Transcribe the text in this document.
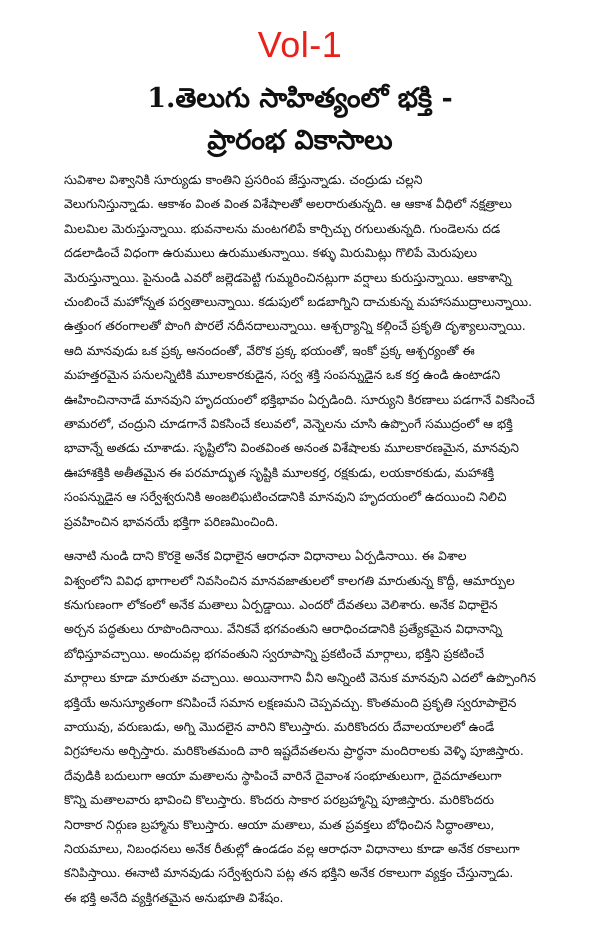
Vol-1
1.తెలుగు సాహిత్యంలో భక్తి -
ప్రారంభ వికాసాలు

సువిశాల విశ్వానికి సూర్యుడు కాంతిని ప్రసరింప జేస్తున్నాడు. చంద్రుడు చల్లని
వెలుగునిస్తున్నాడు. ఆకాశం వింత వింత విశేషాలతో అలరారుతున్నది. ఆ ఆకాశ వీధిలో నక్షత్రాలు
మిలమిల మెరుస్తున్నాయి. భువనాలను మంటగలిపే కార్చిచ్చు రగులుతున్నది. గుండెలను దడ
దడలాడించే విధంగా ఉరుములు ఉరుముతున్నాయి. కళ్ళు మిరుమిట్లు గొలిపే మెరుపులు
మెరుస్తున్నాయి. పైనుండి ఎవరో జల్లెడపెట్టి గుమ్మరించినట్లుగా వర్షాలు కురుస్తున్నాయి. ఆకాశాన్ని
చుంబించే మహోన్నత పర్వతాలున్నాయి. కడుపులో బడబాగ్నిని దాచుకున్న మహాసముద్రాలున్నాయి.
ఉత్తుంగ తరంగాలతో పొంగి పొరలే నదీనదాలున్నాయి. ఆశ్చర్యాన్ని కల్గించే ప్రకృతి దృశ్యాలున్నాయి.
ఆది మానవుడు ఒక ప్రక్క ఆనందంతో, వేరొక ప్రక్క భయంతో, ఇంకో ప్రక్క ఆశ్చర్యంతో ఈ
మహత్తరమైన పనులన్నిటికి మూలకారకుడైన, సర్వ శక్తి సంపన్నుడైన ఒక కర్త ఉండి ఉంటాడని
ఊహించినానాడే మానవుని హృదయంలో భక్తిభావం ఏర్పడింది. సూర్యుని కిరణాలు పడగానే వికసించే
తామరలో, చంద్రుని చూడగానే వికసించే కలువలో, వెన్నెలను చూసి ఉప్పొంగే సముద్రంలో ఆ భక్తి
భావాన్నే అతడు చూశాడు. సృష్టిలోని వింతవింత అనంత విశేషాలకు మూలకారణమైన, మానవుని
ఊహాశక్తికి అతీతమైన ఈ పరమాద్భుత సృష్టికి మూలకర్త, రక్షకుడు, లయకారకుడు, మహాశక్తి
సంపన్నుడైన ఆ సర్వేశ్వరునికి అంజలిఘటించడానికి మానవుని హృదయంలో ఉదయించి నిలిచి
ప్రవహించిన భావనయే భక్తిగా పరిణమించింది.

ఆనాటి నుండి దాని కొరకై అనేక విధాలైన ఆరాధనా విధానాలు ఏర్పడినాయి. ఈ విశాల
విశ్వంలోని వివిధ భాగాలలో నివసించిన మానవజాతులలో కాలగతి మారుతున్న కొద్దీ, ఆమార్పుల
కనుగుణంగా లోకంలో అనేక మతాలు ఏర్పడ్డాయి. ఎందరో దేవతలు వెలిశారు. అనేక విధాలైన
అర్చన పద్ధతులు రూపొందినాయి. వేనికవే భగవంతుని ఆరాధించడానికి ప్రత్యేకమైన విధానాన్ని
బోధిస్తూవచ్చాయి. అందువల్ల భగవంతుని స్వరూపాన్ని ప్రకటించే మార్గాలు, భక్తిని ప్రకటించే
మార్గాలు కూడా మారుతూ వచ్చాయి. అయినాగాని వీని అన్నింటి వెనుక మానవుని ఎదలో ఉప్పొంగిన
భక్తియే అనుస్యూతంగా కనిపించే సమాన లక్షణమని చెప్పవచ్చు. కొంతమంది ప్రకృతి స్వరూపాలైన
వాయువు, వరుణుడు, అగ్ని మొదలైన వారిని కొలుస్తారు. మరికొందరు దేవాలయాలలో ఉండే
విగ్రహాలను అర్చిస్తారు. మరికొంతమంది వారి ఇష్టదేవతలను ప్రార్థనా మందిరాలకు వెళ్ళి పూజిస్తారు.
దేవుడికి బదులుగా ఆయా మతాలను స్థాపించే వారినే దైవాంశ సంభూతులుగా, దైవదూతలుగా
కొన్ని మతాలవారు భావించి కొలుస్తారు. కొందరు సాకార పరబ్రహ్మాన్ని పూజిస్తారు. మరికొందరు
నిరాకార నిర్గుణ బ్రహ్మాను కొలుస్తారు. ఆయా మతాలు, మత ప్రవక్తలు బోధించిన సిద్ధాంతాలు,
నియమాలు, నిబంధనలు అనేక రీతుల్లో ఉండడం వల్ల ఆరాధనా విధానాలు కూడా అనేక రకాలుగా
కనిపిస్తాయి. ఈనాటి మానవుడు సర్వేశ్వరుని పట్ల తన భక్తిని అనేక రకాలుగా వ్యక్తం చేస్తున్నాడు.
ఈ భక్తి అనేది వ్యక్తిగతమైన అనుభూతి విశేషం.
